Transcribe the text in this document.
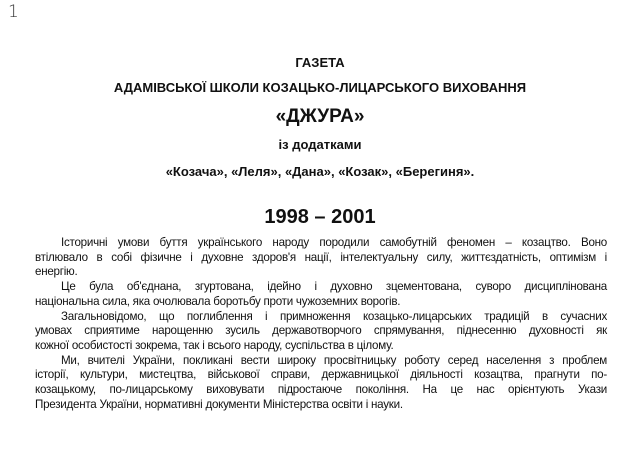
1
ГАЗЕТА
АДАМІВСЬКОЇ ШКОЛИ КОЗАЦЬКО-ЛИЦАРСЬКОГО ВИХОВАННЯ
«ДЖУРА»
із додатками
«Козача», «Леля», «Дана», «Козак», «Берегиня».
1998 – 2001
Історичні умови буття українського народу породили самобутній феномен – козацтво. Воно
втілювало в собі фізичне і духовне здоров'я нації, інтелектуальну силу, життєздатність, оптимізм і
енергію.
Це була об'єднана, згуртована, ідейно і духовно зцементована, суворо дисциплінована
національна сила, яка очолювала боротьбу проти чужоземних ворогів.
Загальновідомо, що поглиблення і примноження козацько-лицарських традицій в сучасних
умовах сприятиме нарощенню зусиль державотворчого спрямування, піднесенню духовності як
кожної особистості зокрема, так і всього народу, суспільства в цілому.
Ми, вчителі України, покликані вести широку просвітницьку роботу серед населення з проблем
історії, культури, мистецтва, військової справи, державницької діяльності козацтва, прагнути по-
козацькому, по-лицарському виховувати підростаюче покоління. На це нас орієнтують Укази
Президента України, нормативні документи Міністерства освіти і науки.
